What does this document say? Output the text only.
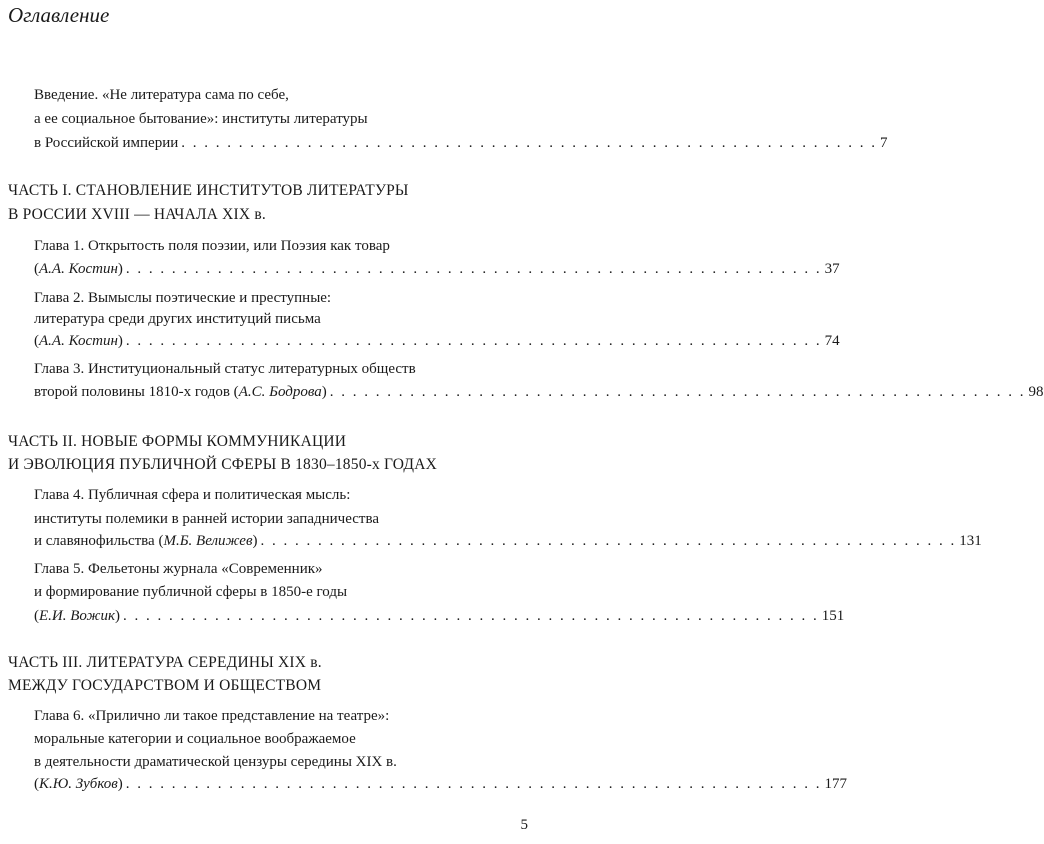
Оглавление
Введение. «Не литература сама по себе,
а ее социальное бытование»: институты литературы
в Российской империи . . . . . . . . . . . . . . . . . . . . . . . . . . . . . . . . . . . . . . . . . . . . . . . . . . . . . . . . . . . . . 7
ЧАСТЬ I. СТАНОВЛЕНИЕ ИНСТИТУТОВ ЛИТЕРАТУРЫ
В РОССИИ XVIII — НАЧАЛА XIX в.
Глава 1. Открытость поля поэзии, или Поэзия как товар
(А.А. Костин) . . . . . . . . . . . . . . . . . . . . . . . . . . . . . . . . . . . . . . . . . . . . . . . . . . . . . . . . . . . . . 37
Глава 2. Вымыслы поэтические и преступные:
литература среди других институций письма
(А.А. Костин) . . . . . . . . . . . . . . . . . . . . . . . . . . . . . . . . . . . . . . . . . . . . . . . . . . . . . . . . . . . . . 74
Глава 3. Институциональный статус литературных обществ
второй половины 1810-х годов (А.С. Бодрова) . . . . . . . . . . . . . . . . . . . . . . . . . . . . . . . . . . . . . . . . . . . . . . . . . . . . . . . . . . . . . 98
ЧАСТЬ II. НОВЫЕ ФОРМЫ КОММУНИКАЦИИ
И ЭВОЛЮЦИЯ ПУБЛИЧНОЙ СФЕРЫ В 1830–1850-х ГОДАХ
Глава 4. Публичная сфера и политическая мысль:
институты полемики в ранней истории западничества
и славянофильства (М.Б. Велижев) . . . . . . . . . . . . . . . . . . . . . . . . . . . . . . . . . . . . . . . . . . . . . . . . . . . . . . . . . . . . . 131
Глава 5. Фельетоны журнала «Современник»
и формирование публичной сферы в 1850-е годы
(Е.И. Вожик) . . . . . . . . . . . . . . . . . . . . . . . . . . . . . . . . . . . . . . . . . . . . . . . . . . . . . . . . . . . . . 151
ЧАСТЬ III. ЛИТЕРАТУРА СЕРЕДИНЫ XIX в.
МЕЖДУ ГОСУДАРСТВОМ И ОБЩЕСТВОМ
Глава 6. «Прилично ли такое представление на театре»:
моральные категории и социальное воображаемое
в деятельности драматической цензуры середины XIX в.
(К.Ю. Зубков) . . . . . . . . . . . . . . . . . . . . . . . . . . . . . . . . . . . . . . . . . . . . . . . . . . . . . . . . . . . . . 177
5
